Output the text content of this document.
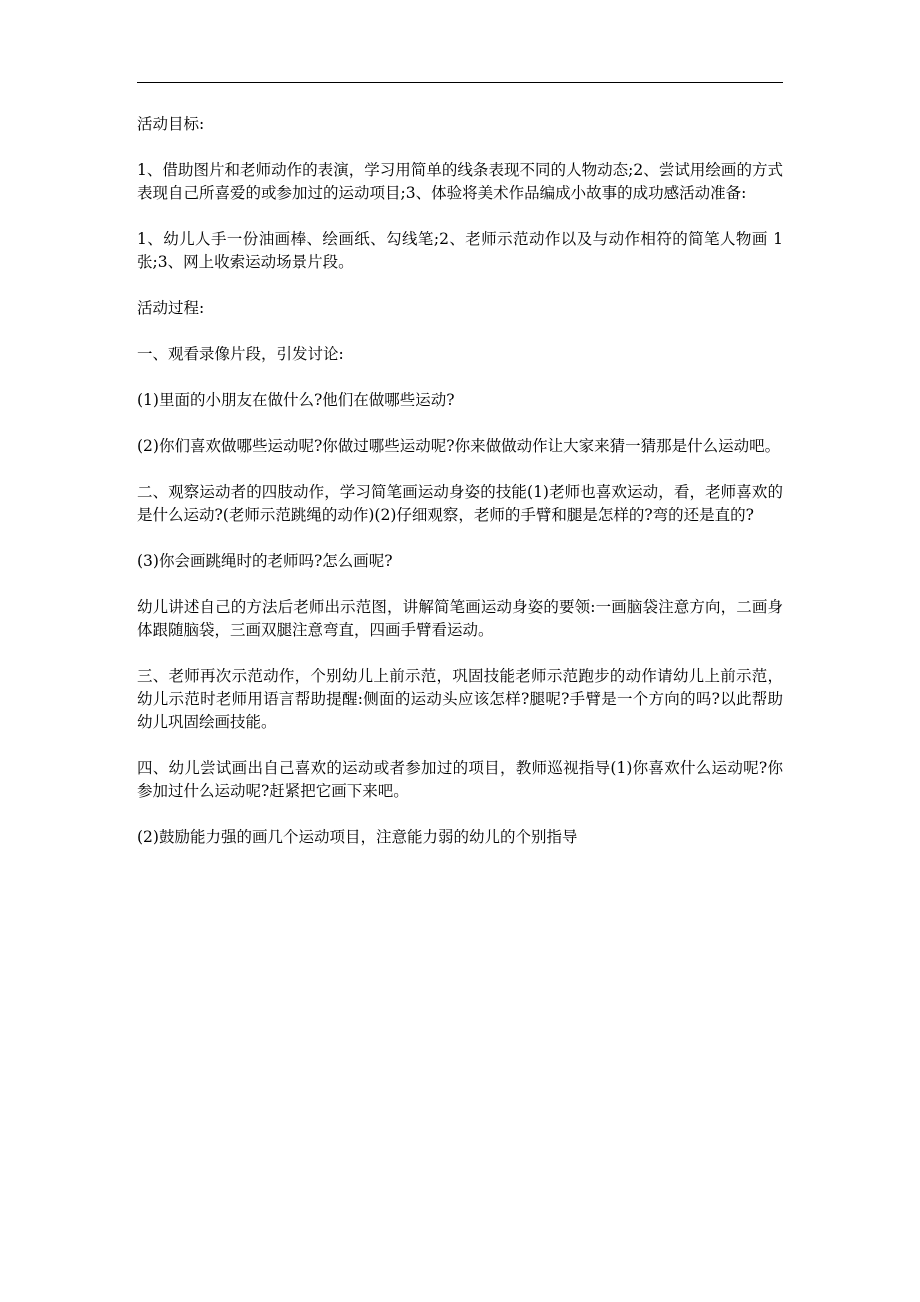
活动目标:

1、借助图片和老师动作的表演，学习用简单的线条表现不同的人物动态;2、尝试用绘画的方式表现自己所喜爱的或参加过的运动项目;3、体验将美术作品编成小故事的成功感活动准备:

1、幼儿人手一份油画棒、绘画纸、勾线笔;2、老师示范动作以及与动作相符的简笔人物画 1 张;3、网上收索运动场景片段。

活动过程:

一、观看录像片段，引发讨论:

(1)里面的小朋友在做什么?他们在做哪些运动?

(2)你们喜欢做哪些运动呢?你做过哪些运动呢?你来做做动作让大家来猜一猜那是什么运动吧。

二、观察运动者的四肢动作，学习简笔画运动身姿的技能(1)老师也喜欢运动，看，老师喜欢的是什么运动?(老师示范跳绳的动作)(2)仔细观察，老师的手臂和腿是怎样的?弯的还是直的?

(3)你会画跳绳时的老师吗?怎么画呢?

幼儿讲述自己的方法后老师出示范图，讲解简笔画运动身姿的要领:一画脑袋注意方向，二画身体跟随脑袋，三画双腿注意弯直，四画手臂看运动。

三、老师再次示范动作，个别幼儿上前示范，巩固技能老师示范跑步的动作请幼儿上前示范，幼儿示范时老师用语言帮助提醒:侧面的运动头应该怎样?腿呢?手臂是一个方向的吗?以此帮助幼儿巩固绘画技能。

四、幼儿尝试画出自己喜欢的运动或者参加过的项目，教师巡视指导(1)你喜欢什么运动呢?你参加过什么运动呢?赶紧把它画下来吧。

(2)鼓励能力强的画几个运动项目，注意能力弱的幼儿的个别指导
